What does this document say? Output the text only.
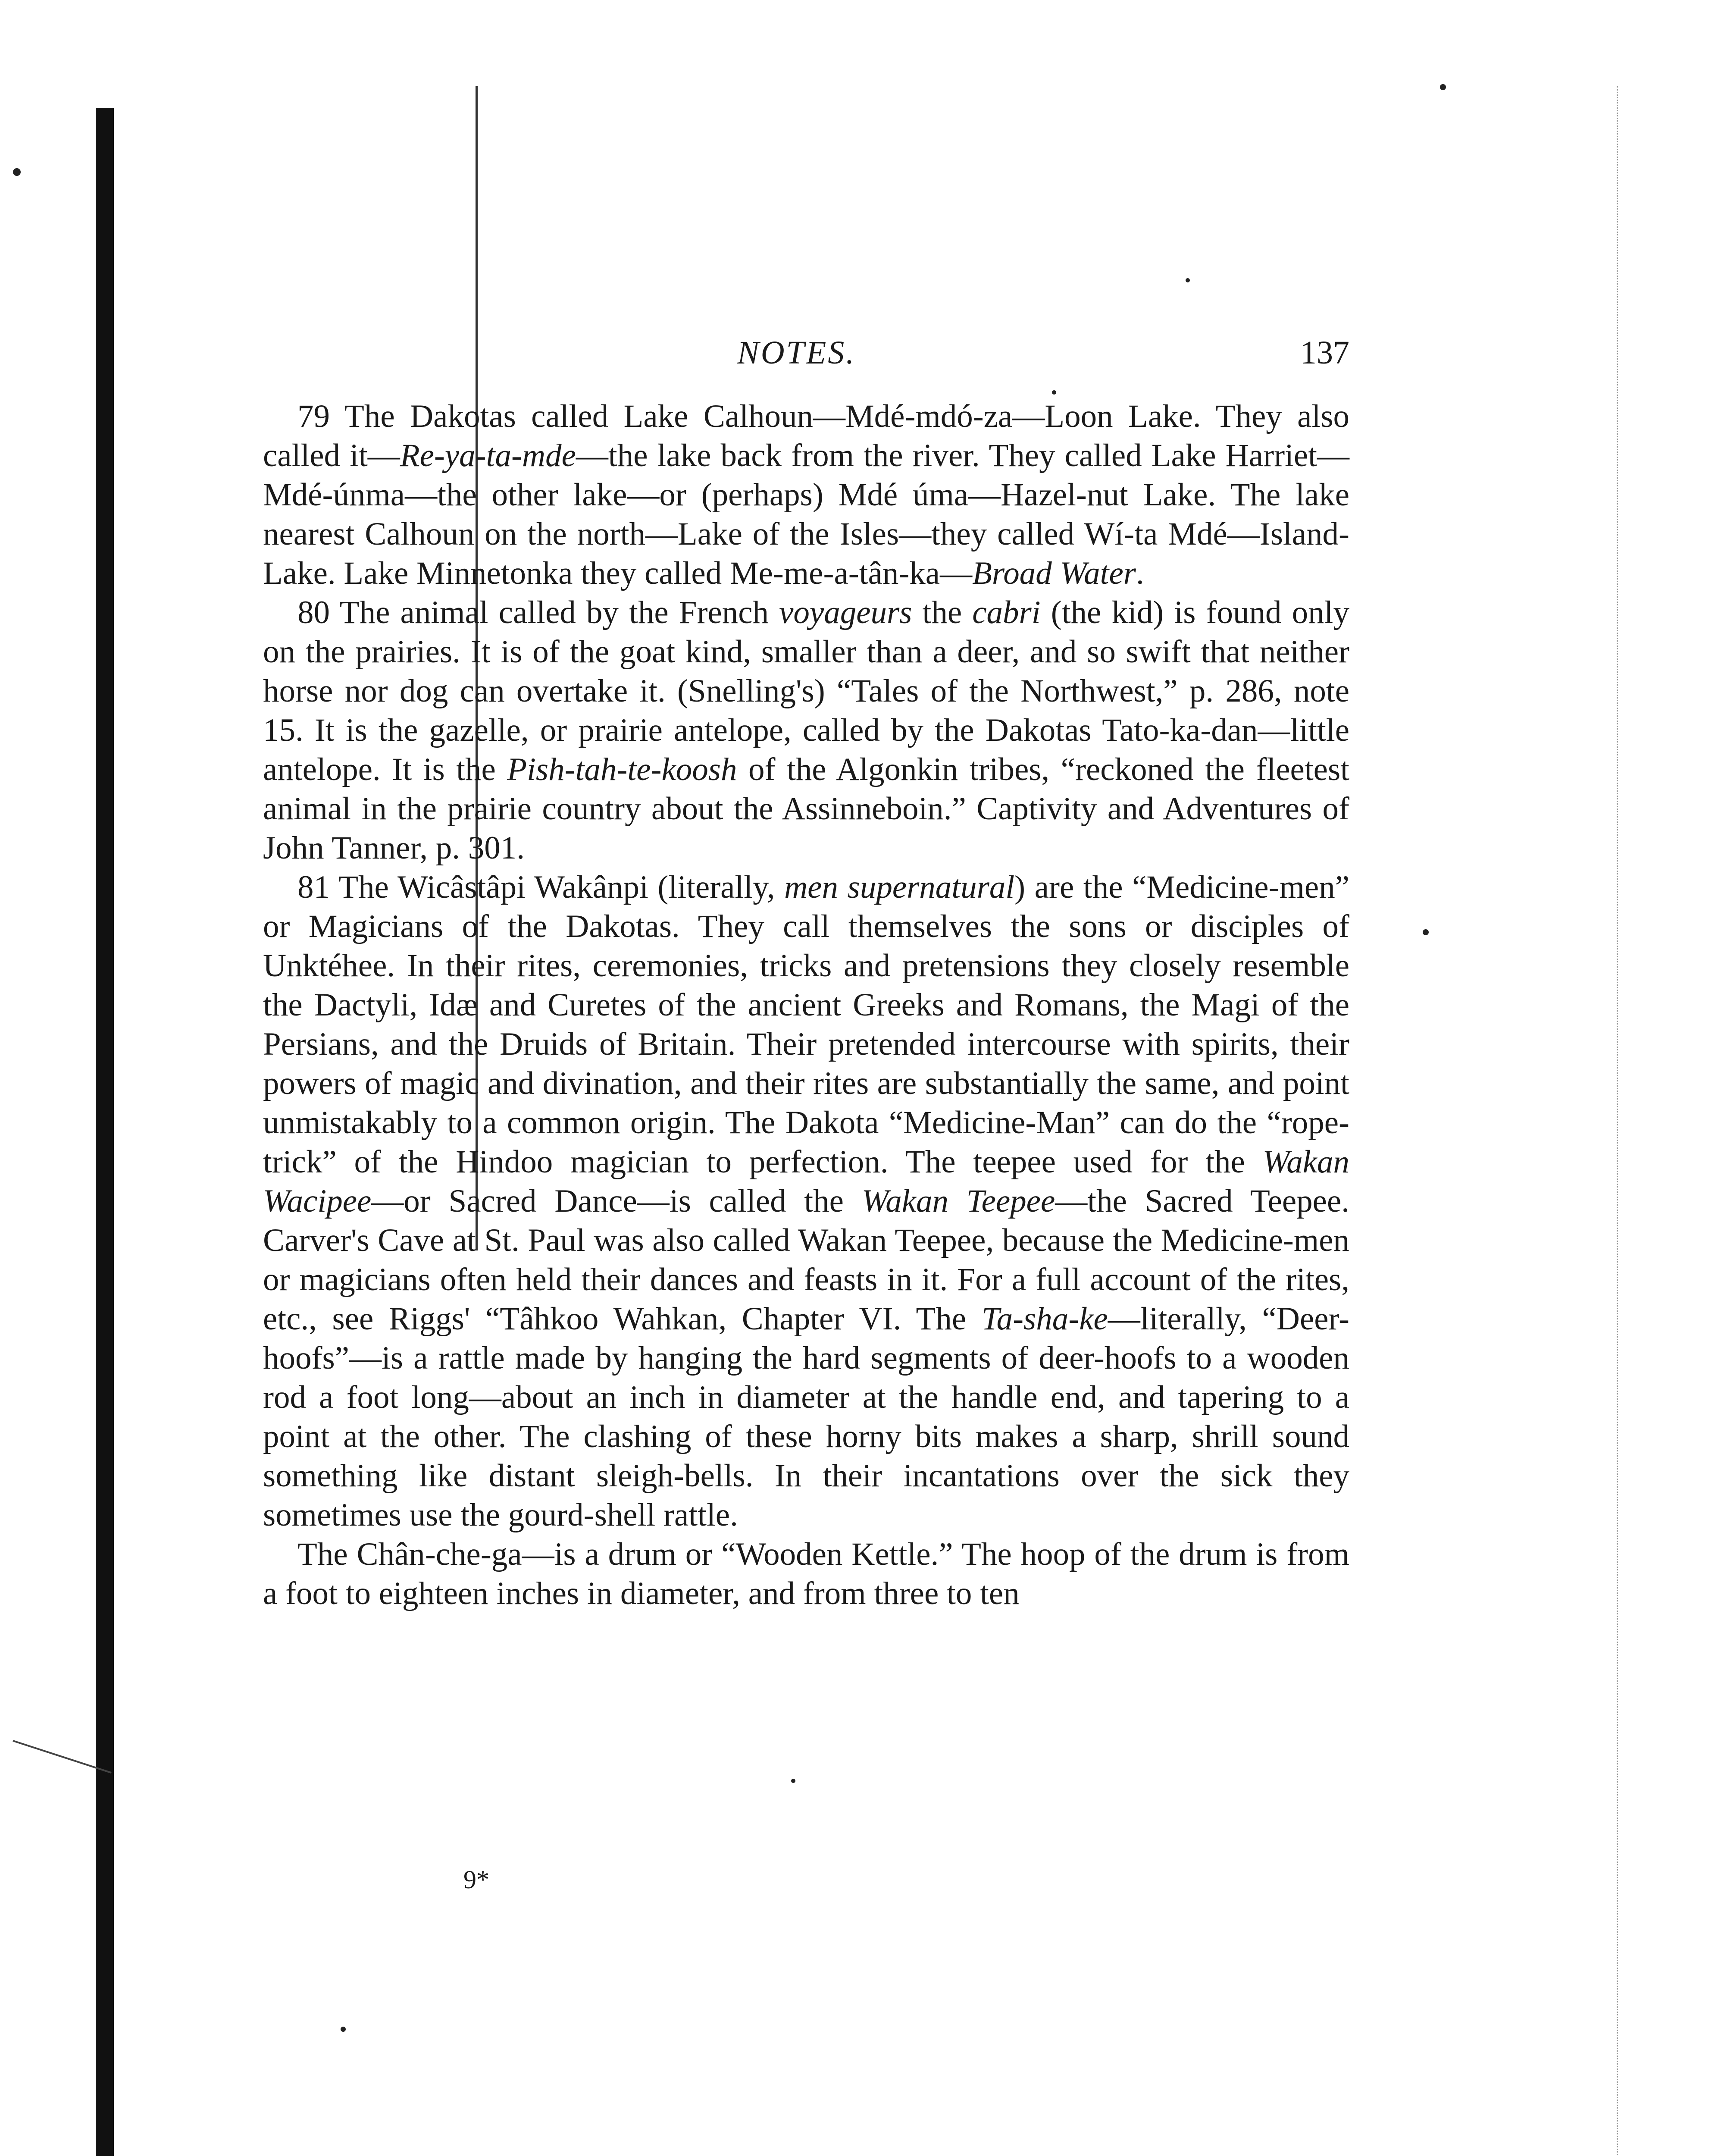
NOTES.	137

79 The Dakotas called Lake Calhoun—Mdé-mdó-za—Loon Lake. They also called it—Re-ya-ta-mde—the lake back from the river. They called Lake Harriet—Mdé-únma—the other lake—or (perhaps) Mdé úma—Hazel-nut Lake. The lake nearest Calhoun on the north—Lake of the Isles—they called Wí-ta Mdé—Island-Lake. Lake Minnetonka they called Me-me-a-tân-ka—Broad Water.

80 The animal called by the French voyageurs the cabri (the kid) is found only on the prairies. It is of the goat kind, smaller than a deer, and so swift that neither horse nor dog can overtake it. (Snelling's) “Tales of the Northwest,” p. 286, note 15. It is the gazelle, or prairie antelope, called by the Dakotas Tato-ka-dan—little antelope. It is the Pish-tah-te-koosh of the Algonkin tribes, “reckoned the fleetest animal in the prairie country about the Assinneboin.” Captivity and Adventures of John Tanner, p. 301.

81 The Wicâstâpi Wakânpi (literally, men supernatural) are the “Medicine-men” or Magicians of the Dakotas. They call themselves the sons or disciples of Unktéhee. In their rites, ceremonies, tricks and pretensions they closely resemble the Dactyli, Idæ and Curetes of the ancient Greeks and Romans, the Magi of the Persians, and the Druids of Britain. Their pretended intercourse with spirits, their powers of magic and divination, and their rites are substantially the same, and point unmistakably to a common origin. The Dakota “Medicine-Man” can do the “rope-trick” of the Hindoo magician to perfection. The teepee used for the Wakan Wacipee—or Sacred Dance—is called the Wakan Teepee—the Sacred Teepee. Carver's Cave at St. Paul was also called Wakan Teepee, because the Medicine-men or magicians often held their dances and feasts in it. For a full account of the rites, etc., see Riggs' “Tâhkoo Wahkan, Chapter VI. The Ta-sha-ke—literally, “Deer-hoofs”—is a rattle made by hanging the hard segments of deer-hoofs to a wooden rod a foot long—about an inch in diameter at the handle end, and tapering to a point at the other. The clashing of these horny bits makes a sharp, shrill sound something like distant sleigh-bells. In their incantations over the sick they sometimes use the gourd-shell rattle.

The Chân-che-ga—is a drum or “Wooden Kettle.” The hoop of the drum is from a foot to eighteen inches in diameter, and from three to ten

9*
